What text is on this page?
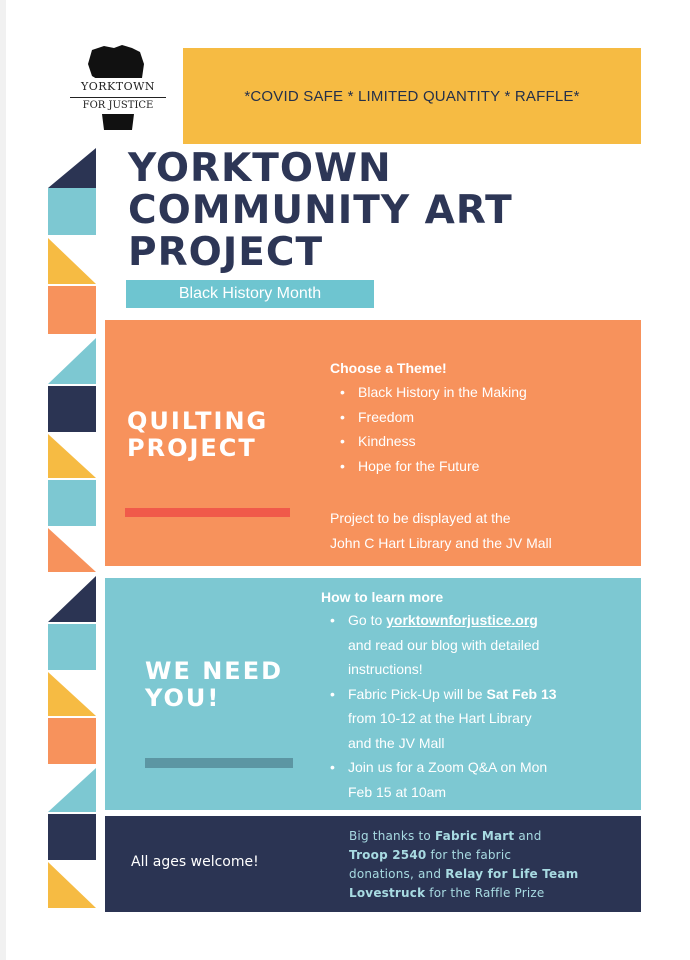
YORKTOWN
FOR JUSTICE
*COVID SAFE * LIMITED QUANTITY * RAFFLE*
YORKTOWN
COMMUNITY ART
PROJECT
Black History Month
QUILTING
PROJECT
Choose a Theme!
• Black History in the Making
• Freedom
• Kindness
• Hope for the Future
Project to be displayed at the
John C Hart Library and the JV Mall
WE NEED
YOU!
How to learn more
• Go to yorktownforjustice.org
and read our blog with detailed
instructions!
• Fabric Pick-Up will be Sat Feb 13
from 10-12 at the Hart Library
and the JV Mall
• Join us for a Zoom Q&A on Mon
Feb 15 at 10am
All ages welcome!
Big thanks to Fabric Mart and
Troop 2540 for the fabric
donations, and Relay for Life Team
Lovestruck for the Raffle Prize
